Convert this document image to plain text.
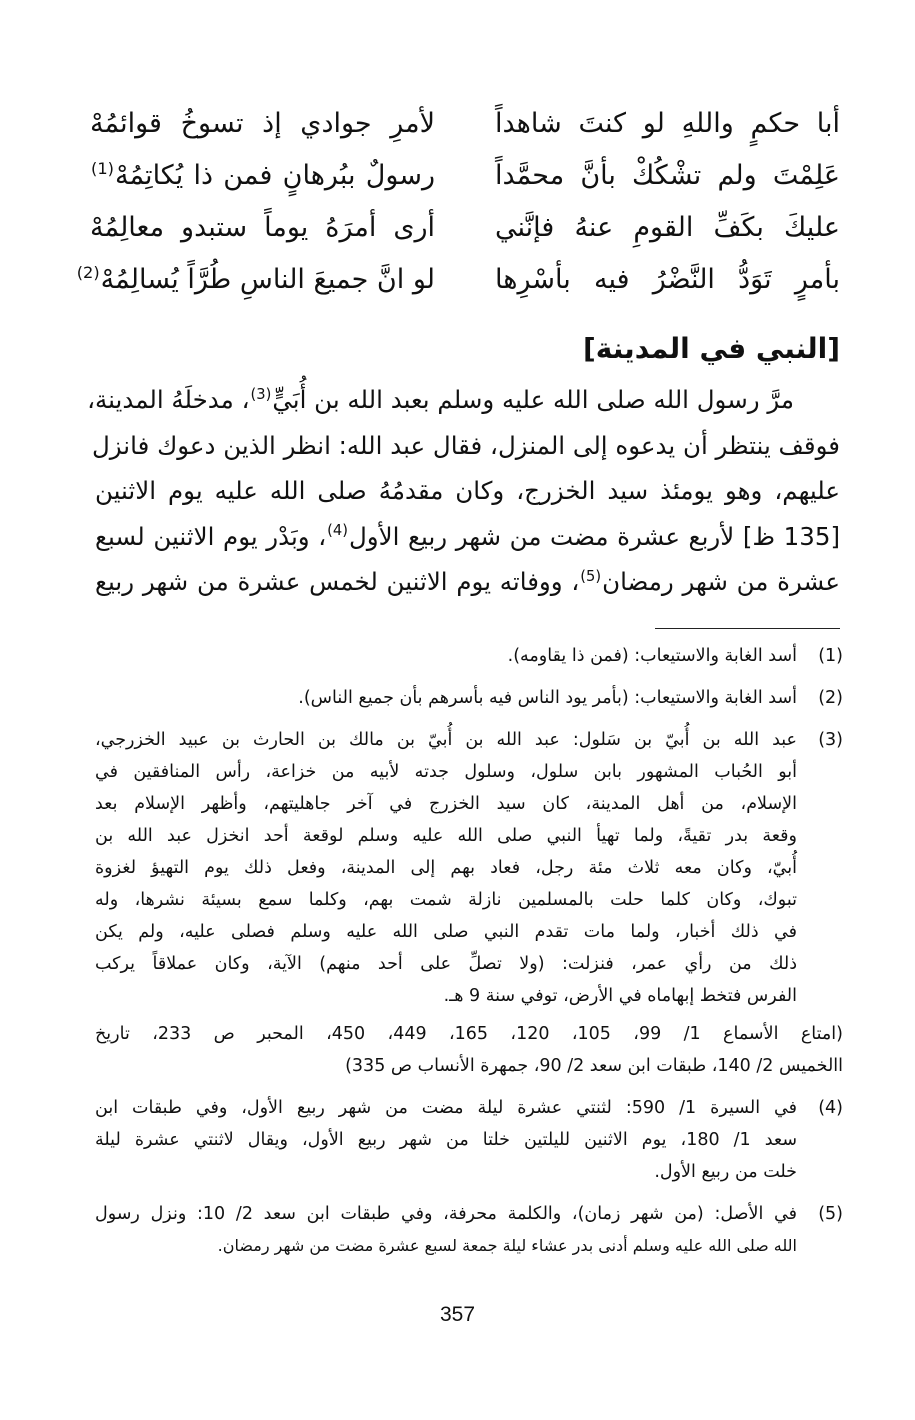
أبا حكمٍ واللهِ لو كنتَ شاهداً
لأمرِ جوادي إذ تسوخُ قوائمُهْ
عَلِمْتَ ولم تشْكُكْ بأنَّ محمَّداً
رسولٌ ببُرهانٍ فمن ذا يُكاتِمُهْ$^{(1)}$
عليكَ بكَفِّ القومِ عنهُ فإنَّني
أرى أمرَهُ يوماً ستبدو معالِمُهْ
بأمرٍ تَوَدُّ النَّضْرُ فيه بأسْرِها
لو انَّ جميعَ الناسِ طُرَّاً يُسالِمُهْ$^{(2)}$
[النبي في المدينة]
مرَّ رسول الله صلى الله عليه وسلم بعبد الله بن أُبَيٍّ$^{(3)}$، مدخلَهُ المدينة،
فوقف ينتظر أن يدعوه إلى المنزل، فقال عبد الله: انظر الذين دعوك فانزل
عليهم، وهو يومئذ سيد الخزرج، وكان مقدمُهُ صلى الله عليه يوم الاثنين
[135 ظ] لأربع عشرة مضت من شهر ربيع الأول$^{(4)}$، وبَدْر يوم الاثنين لسبع
عشرة من شهر رمضان$^{(5)}$، ووفاته يوم الاثنين لخمس عشرة من شهر ربيع
(1)
أسد الغابة والاستيعاب: (فمن ذا يقاومه).
(2)
أسد الغابة والاستيعاب: (بأمر يود الناس فيه بأسرهم بأن جميع الناس).
(3)
عبد الله بن أُبيّ بن سَلول: عبد الله بن أُبيّ بن مالك بن الحارث بن عبيد الخزرجي،
أبو الحُباب المشهور بابن سلول، وسلول جدته لأبيه من خزاعة، رأس المنافقين في
الإسلام، من أهل المدينة، كان سيد الخزرج في آخر جاهليتهم، وأظهر الإسلام بعد
وقعة بدر تقيةً، ولما تهيأ النبي صلى الله عليه وسلم لوقعة أحد انخزل عبد الله بن
أُبيّ، وكان معه ثلاث مئة رجل، فعاد بهم إلى المدينة، وفعل ذلك يوم التهيؤ لغزوة
تبوك، وكان كلما حلت بالمسلمين نازلة شمت بهم، وكلما سمع بسيئة نشرها، وله
في ذلك أخبار، ولما مات تقدم النبي صلى الله عليه وسلم فصلى عليه، ولم يكن
ذلك من رأي عمر، فنزلت: (ولا تصلِّ على أحد منهم) الآية، وكان عملاقاً يركب
الفرس فتخط إبهاماه في الأرض، توفي سنة 9 هـ.
(امتاع الأسماع 1/ 99، 105، 120، 165، 449، 450، المحبر ص 233، تاريخ
االخميس 2/ 140، طبقات ابن سعد 2/ 90، جمهرة الأنساب ص 335)
(4)
في السيرة 1/ 590: لثنتي عشرة ليلة مضت من شهر ربيع الأول، وفي طبقات ابن
سعد 1/ 180، يوم الاثنين لليلتين خلتا من شهر ربيع الأول، ويقال لاثنتي عشرة ليلة
خلت من ربيع الأول.
(5)
في الأصل: (من شهر زمان)، والكلمة محرفة، وفي طبقات ابن سعد 2/ 10: ونزل رسول
الله صلى الله عليه وسلم أدنى بدر عشاء ليلة جمعة لسبع عشرة مضت من شهر رمضان.
357
